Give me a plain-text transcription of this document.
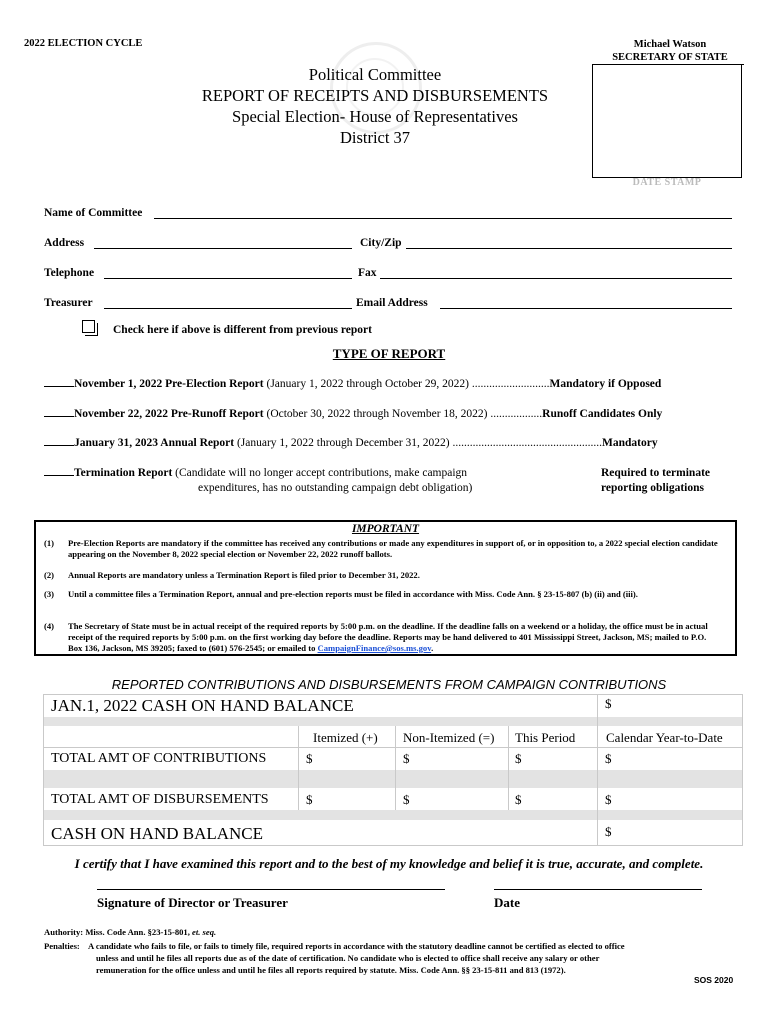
2022 ELECTION CYCLE	Michael Watson
SECRETARY OF STATE
DATE STAMP
Political Committee
REPORT OF RECEIPTS AND DISBURSEMENTS
Special Election- House of Representatives
District 37
Name of Committee
Address	City/Zip
Telephone	Fax
Treasurer	Email Address
Check here if above is different from previous report
TYPE OF REPORT
November 1, 2022 Pre-Election Report (January 1, 2022 through October 29, 2022) ...........................Mandatory if Opposed
November 22, 2022 Pre-Runoff Report (October 30, 2022 through November 18, 2022) ..................Runoff Candidates Only
January 31, 2023 Annual Report (January 1, 2022 through December 31, 2022) ....................................................Mandatory
Termination Report (Candidate will no longer accept contributions, make campaign
expenditures, has no outstanding campaign debt obligation)
Required to terminate
reporting obligations
IMPORTANT
(1) Pre-Election Reports are mandatory if the committee has received any contributions or made any expenditures in support of, or in opposition to, a 2022 special election candidate appearing on the November 8, 2022 special election or November 22, 2022 runoff ballots.
(2) Annual Reports are mandatory unless a Termination Report is filed prior to December 31, 2022.
(3) Until a committee files a Termination Report, annual and pre-election reports must be filed in accordance with Miss. Code Ann. § 23-15-807 (b) (ii) and (iii).
(4) The Secretary of State must be in actual receipt of the required reports by 5:00 p.m. on the deadline. If the deadline falls on a weekend or a holiday, the office must be in actual receipt of the required reports by 5:00 p.m. on the first working day before the deadline. Reports may be hand delivered to 401 Mississippi Street, Jackson, MS; mailed to P.O. Box 136, Jackson, MS 39205; faxed to (601) 576-2545; or emailed to CampaignFinance@sos.ms.gov.
REPORTED CONTRIBUTIONS AND DISBURSEMENTS FROM CAMPAIGN CONTRIBUTIONS
JAN.1, 2022 CASH ON HAND BALANCE	$
Itemized (+) Non-Itemized (=) This Period Calendar Year-to-Date
TOTAL AMT OF CONTRIBUTIONS	$	$	$	$
TOTAL AMT OF DISBURSEMENTS	$	$	$	$
CASH ON HAND BALANCE	$
I certify that I have examined this report and to the best of my knowledge and belief it is true, accurate, and complete.
Signature of Director or Treasurer	Date
Authority: Miss. Code Ann. §23-15-801, et. seq.
Penalties: A candidate who fails to file, or fails to timely file, required reports in accordance with the statutory deadline cannot be certified as elected to office
unless and until he files all reports due as of the date of certification. No candidate who is elected to office shall receive any salary or other
remuneration for the office unless and until he files all reports required by statute. Miss. Code Ann. §§ 23-15-811 and 813 (1972).
SOS 2020
